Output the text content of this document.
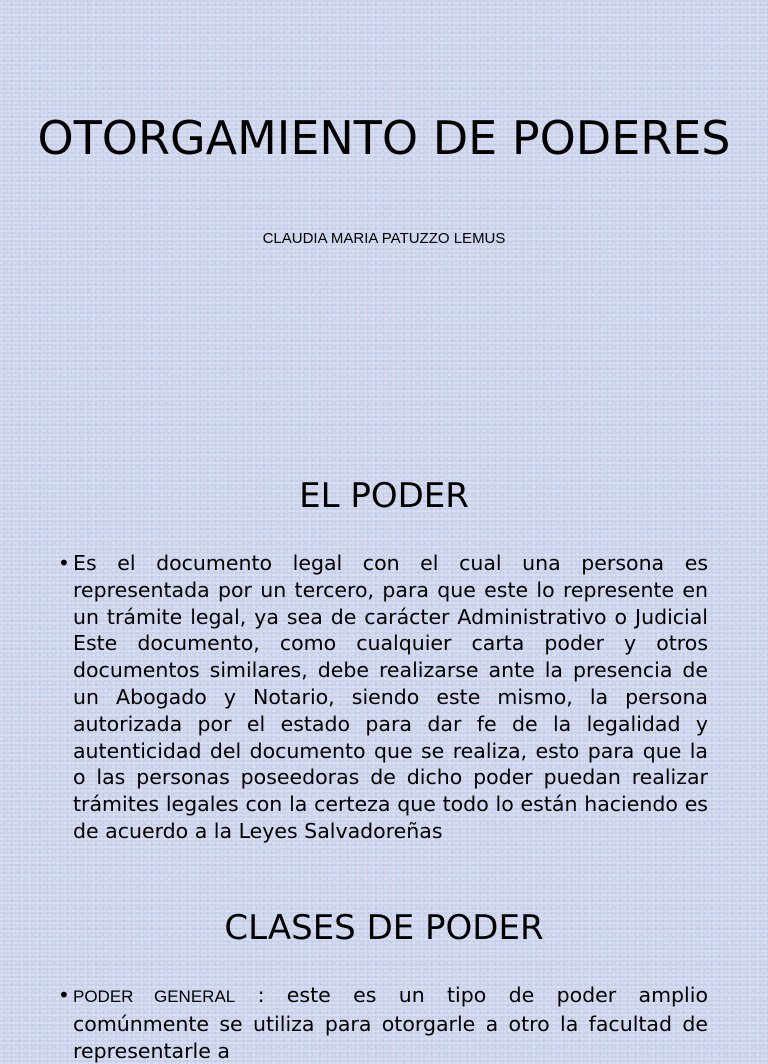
OTORGAMIENTO DE PODERES

CLAUDIA MARIA PATUZZO LEMUS

EL PODER
• Es el documento legal con el cual una persona es representada por un tercero, para que este lo represente en un trámite legal, ya sea de carácter Administrativo o Judicial Este documento, como cualquier carta poder y otros documentos similares, debe realizarse ante la presencia de un Abogado y Notario, siendo este mismo, la persona autorizada por el estado para dar fe de la legalidad y autenticidad del documento que se realiza, esto para que la o las personas poseedoras de dicho poder puedan realizar trámites legales con la certeza que todo lo están haciendo es de acuerdo a la Leyes Salvadoreñas

CLASES DE PODER
• PODER GENERAL : este es un tipo de poder amplio comúnmente se utiliza para otorgarle a otro la facultad de representarle a
